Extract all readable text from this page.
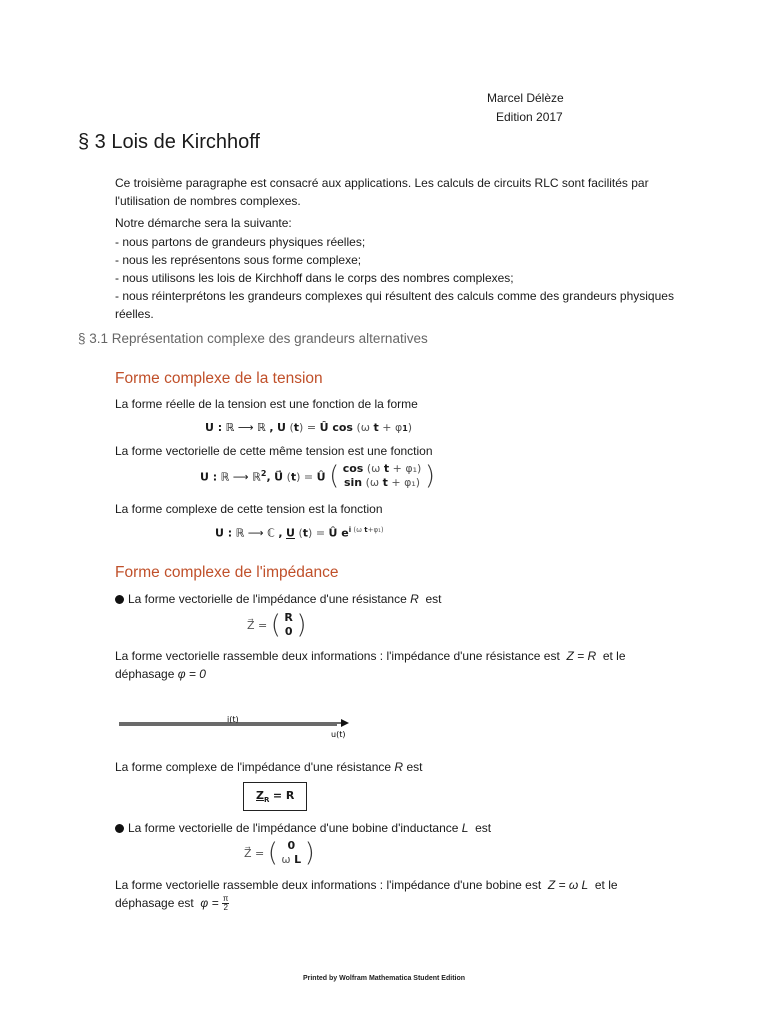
Marcel Délèze
Edition 2017
§ 3 Lois de Kirchhoff

Ce troisième paragraphe est consacré aux applications. Les calculs de circuits RLC sont facilités par l'utilisation de nombres complexes.

Notre démarche sera la suivante:

- nous partons de grandeurs physiques réelles;

- nous les représentons sous forme complexe;

- nous utilisons les lois de Kirchhoff dans le corps des nombres complexes;

- nous réinterprétons les grandeurs complexes qui résultent des calculs comme des grandeurs physiques réelles.

§ 3.1 Représentation complexe des grandeurs alternatives
Forme complexe de la tension

La forme réelle de la tension est une fonction de la forme

U : ℝ ⟶ ℝ , U (t) = Û cos (ω t + φ1)

La forme vectorielle de cette même tension est une fonction

U : ℝ ⟶ ℝ$^2$, U⃗ (t) = Û ( cos (ω t + φ₁)
sin (ω t + φ₁) )

La forme complexe de cette tension est la fonction

U : ℝ ⟶ ℂ , U (t) = Û $e^{i (\omega t+\varphi_1)}$
Forme complexe de l'impédance

La forme vectorielle de l'impédance d'une résistance R est

Z⃗ = ( R
0 )

La forme vectorielle rassemble deux informations : l'impédance d'une résistance est Z = R et le
déphasage φ = 0

i(t)
u(t)

La forme complexe de l'impédance d'une résistance R est

$Z_R = R$

La forme vectorielle de l'impédance d'une bobine d'inductance L est

Z⃗ = ( 0
ω L )

La forme vectorielle rassemble deux informations : l'impédance d'une bobine est Z = ω L et le
déphasage est $\varphi = \frac{\pi}{2}$

Printed by Wolfram Mathematica Student Edition
